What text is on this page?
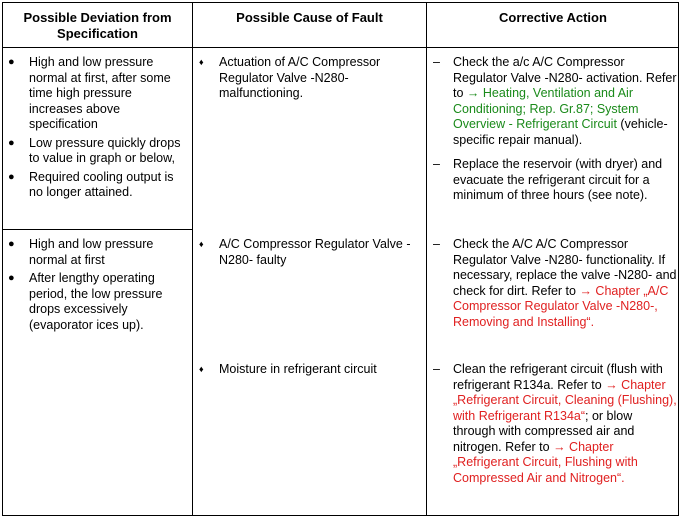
Possible Deviation from Specification
Possible Cause of Fault	Corrective Action
● High and low pressure normal at first, after some time high pressure increases above specification
● Low pressure quickly drops to value in graph or below,
● Required cooling output is no longer attained.
♦ Actuation of A/C Compressor Regulator Valve -N280- malfunctioning.
– Check the a/c A/C Compressor Regulator Valve -N280- activation. Refer to → Heating, Ventilation and Air Conditioning; Rep. Gr.87; System Overview - Refrigerant Circuit (vehicle-specific repair manual).
– Replace the reservoir (with dryer) and evacuate the refrigerant circuit for a minimum of three hours (see note).
● High and low pressure normal at first
● After lengthy operating period, the low pressure drops excessively (evaporator ices up).
♦ A/C Compressor Regulator Valve -N280- faulty
♦ Moisture in refrigerant circuit
– Check the A/C A/C Compressor Regulator Valve -N280- functionality. If necessary, replace the valve -N280- and check for dirt. Refer to → Chapter „A/C Compressor Regulator Valve -N280-, Removing and Installing“.
– Clean the refrigerant circuit (flush with refrigerant R134a. Refer to → Chapter „Refrigerant Circuit, Cleaning (Flushing), with Refrigerant R134a“; or blow through with compressed air and nitrogen. Refer to → Chapter „Refrigerant Circuit, Flushing with Compressed Air and Nitrogen“.
